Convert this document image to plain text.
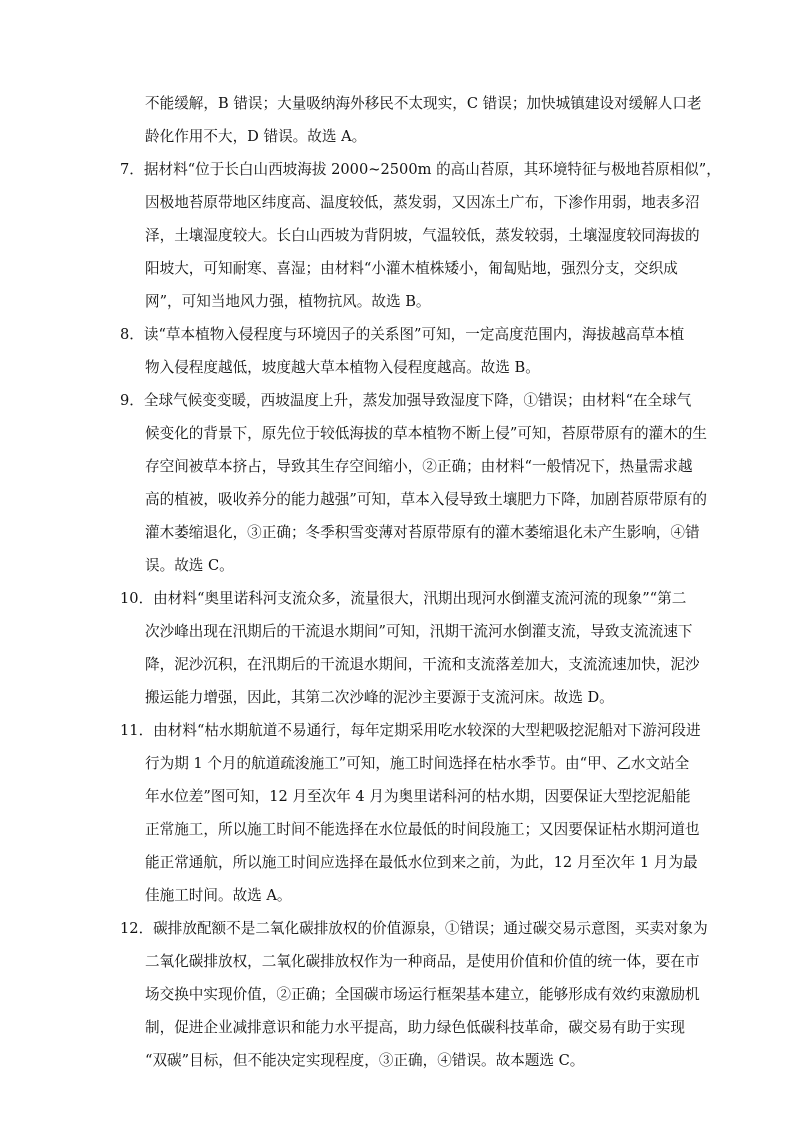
不能缓解，B 错误；大量吸纳海外移民不太现实，C 错误；加快城镇建设对缓解人口老
龄化作用不大，D 错误。故选 A。
7．据材料“位于长白山西坡海拔 2000~2500m 的高山苔原，其环境特征与极地苔原相似”，
因极地苔原带地区纬度高、温度较低，蒸发弱，又因冻土广布，下渗作用弱，地表多沼
泽，土壤湿度较大。长白山西坡为背阴坡，气温较低，蒸发较弱，土壤湿度较同海拔的
阳坡大，可知耐寒、喜湿；由材料“小灌木植株矮小，匍匐贴地，强烈分支，交织成
网”，可知当地风力强，植物抗风。故选 B。
8．读“草本植物入侵程度与环境因子的关系图”可知，一定高度范围内，海拔越高草本植
物入侵程度越低，坡度越大草本植物入侵程度越高。故选 B。
9．全球气候变变暖，西坡温度上升，蒸发加强导致湿度下降，①错误；由材料“在全球气
候变化的背景下，原先位于较低海拔的草本植物不断上侵”可知，苔原带原有的灌木的生
存空间被草本挤占，导致其生存空间缩小，②正确；由材料“一般情况下，热量需求越
高的植被，吸收养分的能力越强”可知，草本入侵导致土壤肥力下降，加剧苔原带原有的
灌木萎缩退化，③正确；冬季积雪变薄对苔原带原有的灌木萎缩退化未产生影响，④错
误。故选 C。
10．由材料“奥里诺科河支流众多，流量很大，汛期出现河水倒灌支流河流的现象”“第二
次沙峰出现在汛期后的干流退水期间”可知，汛期干流河水倒灌支流，导致支流流速下
降，泥沙沉积，在汛期后的干流退水期间，干流和支流落差加大，支流流速加快，泥沙
搬运能力增强，因此，其第二次沙峰的泥沙主要源于支流河床。故选 D。
11．由材料“枯水期航道不易通行，每年定期采用吃水较深的大型耙吸挖泥船对下游河段进
行为期 1 个月的航道疏浚施工”可知，施工时间选择在枯水季节。由“甲、乙水文站全
年水位差”图可知，12 月至次年 4 月为奥里诺科河的枯水期，因要保证大型挖泥船能
正常施工，所以施工时间不能选择在水位最低的时间段施工；又因要保证枯水期河道也
能正常通航，所以施工时间应选择在最低水位到来之前，为此，12 月至次年 1 月为最
佳施工时间。故选 A。
12．碳排放配额不是二氧化碳排放权的价值源泉，①错误；通过碳交易示意图，买卖对象为
二氧化碳排放权，二氧化碳排放权作为一种商品，是使用价值和价值的统一体，要在市
场交换中实现价值，②正确；全国碳市场运行框架基本建立，能够形成有效约束激励机
制，促进企业减排意识和能力水平提高，助力绿色低碳科技革命，碳交易有助于实现
“双碳”目标，但不能决定实现程度，③正确，④错误。故本题选 C。
